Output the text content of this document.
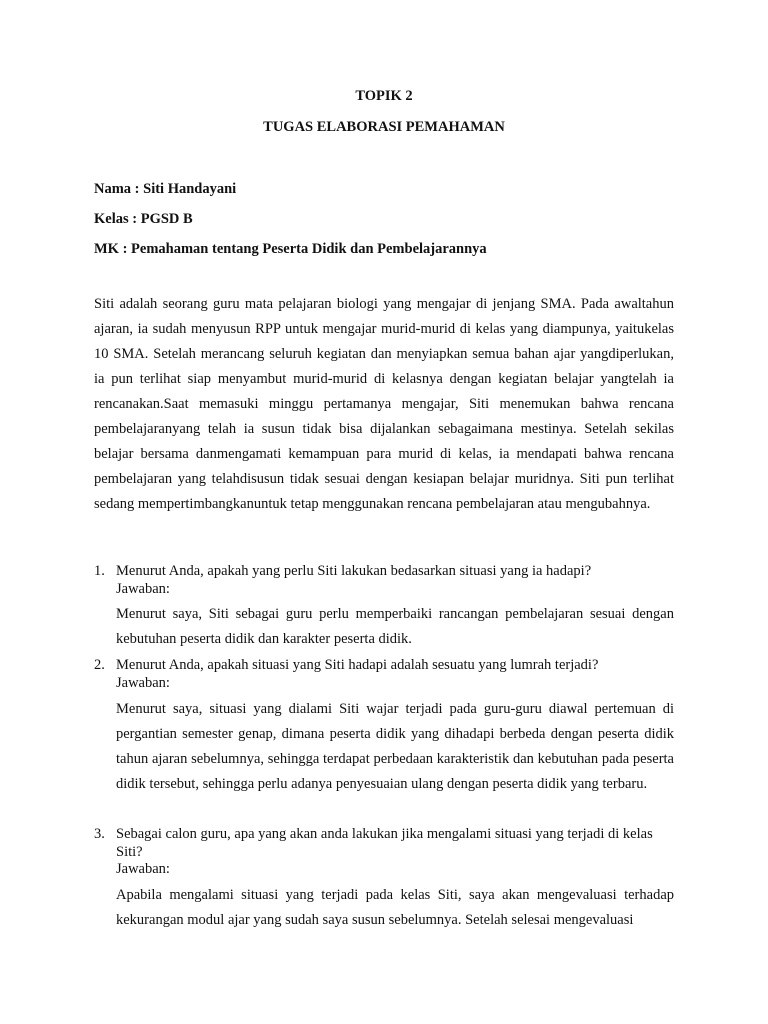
TOPIK 2
TUGAS ELABORASI PEMAHAMAN
Nama : Siti Handayani
Kelas : PGSD B
MK : Pemahaman tentang Peserta Didik dan Pembelajarannya
Siti adalah seorang guru mata pelajaran biologi yang mengajar di jenjang SMA. Pada awaltahun ajaran, ia sudah menyusun RPP untuk mengajar murid-murid di kelas yang diampunya, yaitukelas 10 SMA. Setelah merancang seluruh kegiatan dan menyiapkan semua bahan ajar yangdiperlukan, ia pun terlihat siap menyambut murid-murid di kelasnya dengan kegiatan belajar yangtelah ia rencanakan.Saat memasuki minggu pertamanya mengajar, Siti menemukan bahwa rencana pembelajaranyang telah ia susun tidak bisa dijalankan sebagaimana mestinya. Setelah sekilas belajar bersama danmengamati kemampuan para murid di kelas, ia mendapati bahwa rencana pembelajaran yang telahdisusun tidak sesuai dengan kesiapan belajar muridnya. Siti pun terlihat sedang mempertimbangkanuntuk tetap menggunakan rencana pembelajaran atau mengubahnya.
1. Menurut Anda, apakah yang perlu Siti lakukan bedasarkan situasi yang ia hadapi?
Jawaban:
Menurut saya, Siti sebagai guru perlu memperbaiki rancangan pembelajaran sesuai dengan kebutuhan peserta didik dan karakter peserta didik.
2. Menurut Anda, apakah situasi yang Siti hadapi adalah sesuatu yang lumrah terjadi?
Jawaban:
Menurut saya, situasi yang dialami Siti wajar terjadi pada guru-guru diawal pertemuan di pergantian semester genap, dimana peserta didik yang dihadapi berbeda dengan peserta didik tahun ajaran sebelumnya, sehingga terdapat perbedaan karakteristik dan kebutuhan pada peserta didik tersebut, sehingga perlu adanya penyesuaian ulang dengan peserta didik yang terbaru.
3. Sebagai calon guru, apa yang akan anda lakukan jika mengalami situasi yang terjadi di kelas Siti?
Jawaban:
Apabila mengalami situasi yang terjadi pada kelas Siti, saya akan mengevaluasi terhadap kekurangan modul ajar yang sudah saya susun sebelumnya. Setelah selesai mengevaluasi
